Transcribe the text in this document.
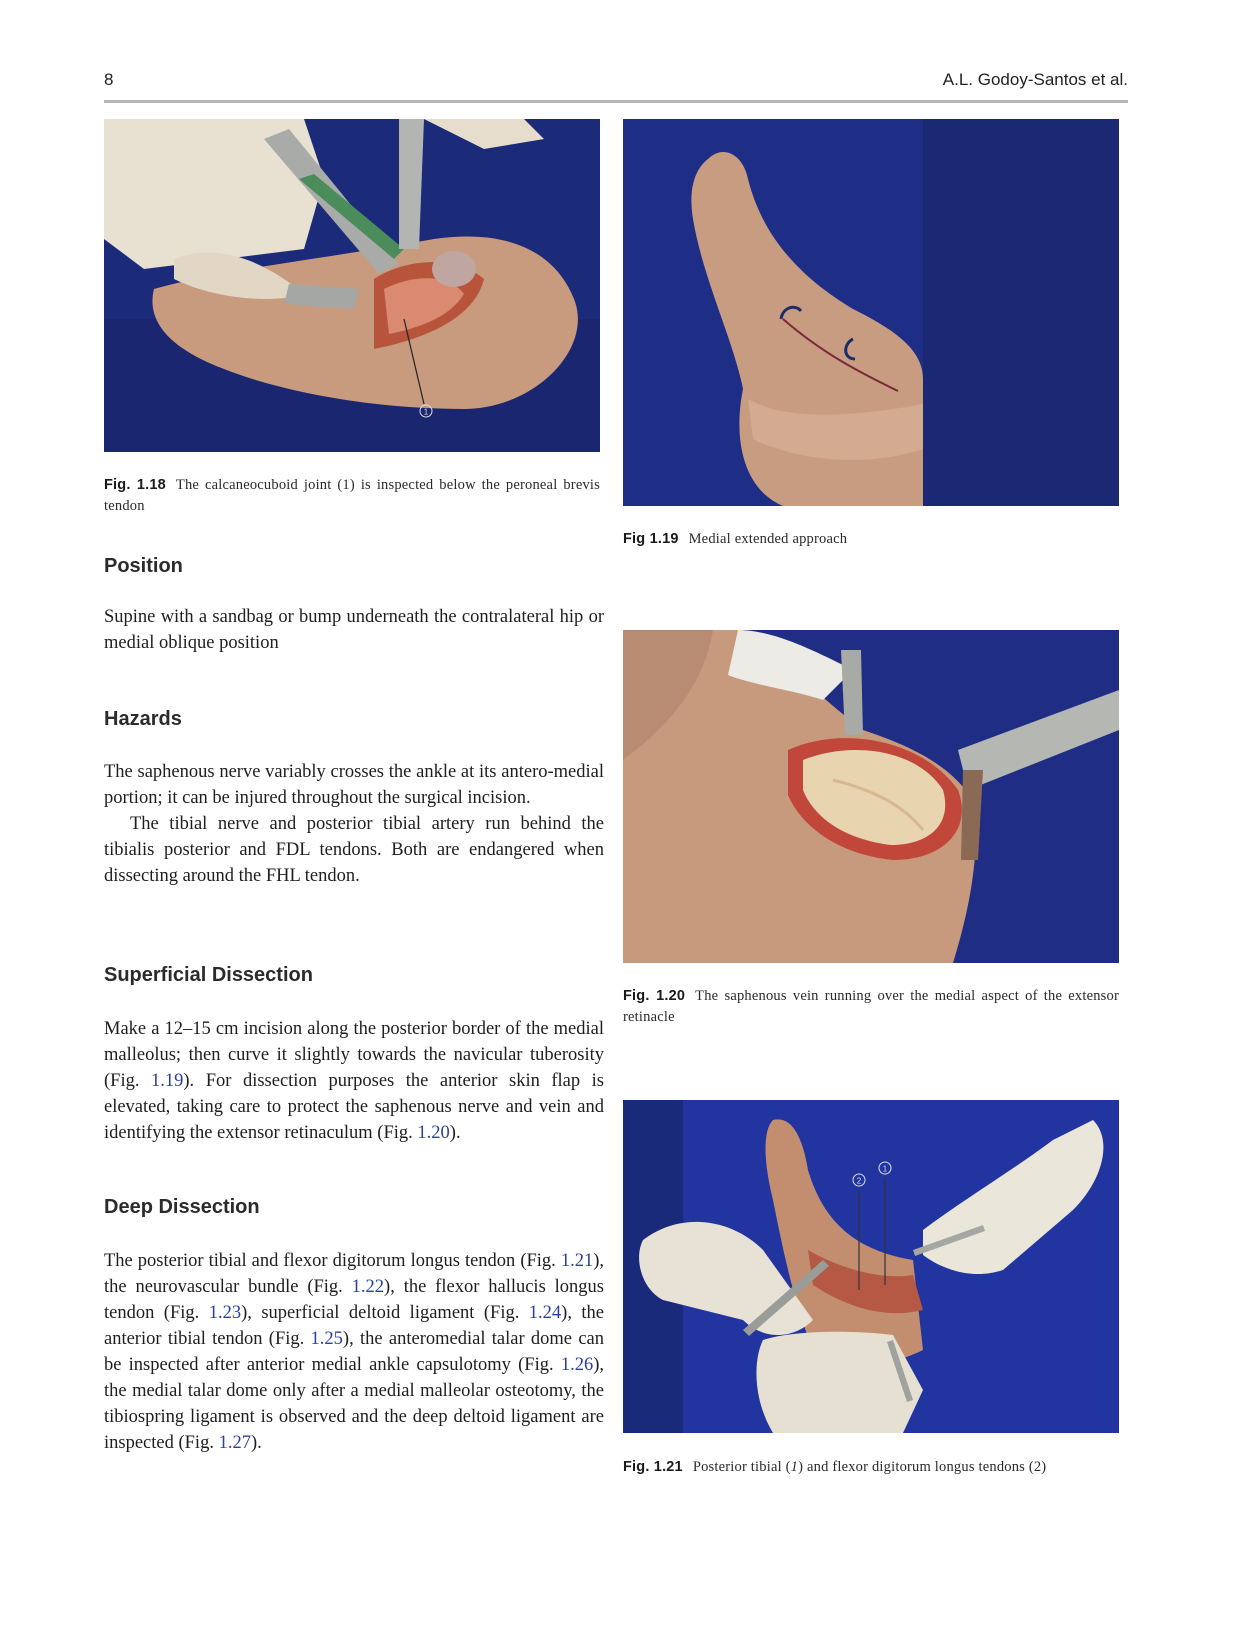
8	A.L. Godoy-Santos et al.
1
Fig. 1.18 The calcaneocuboid joint (1) is inspected below the peroneal brevis tendon
Fig 1.19 Medial extended approach
Position

Supine with a sandbag or bump underneath the contralateral hip or medial oblique position

Hazards

The saphenous nerve variably crosses the ankle at its antero-medial portion; it can be injured throughout the surgical incision.

The tibial nerve and posterior tibial artery run behind the tibialis posterior and FDL tendons. Both are endangered when dissecting around the FHL tendon.

Fig. 1.20 The saphenous vein running over the medial aspect of the extensor retinacle
Superficial Dissection

Make a 12–15 cm incision along the posterior border of the medial malleolus; then curve it slightly towards the navicular tuberosity (Fig. 1.19). For dissection purposes the anterior skin flap is elevated, taking care to protect the saphenous nerve and vein and identifying the extensor retinaculum (Fig. 1.20).

2
1
Fig. 1.21 Posterior tibial (1) and flexor digitorum longus tendons (2)
Deep Dissection

The posterior tibial and flexor digitorum longus tendon (Fig. 1.21), the neurovascular bundle (Fig. 1.22), the flexor hallucis longus tendon (Fig. 1.23), superficial deltoid ligament (Fig. 1.24), the anterior tibial tendon (Fig. 1.25), the anteromedial talar dome can be inspected after anterior medial ankle capsulotomy (Fig. 1.26), the medial talar dome only after a medial malleolar osteotomy, the tibiospring ligament is observed and the deep deltoid ligament are inspected (Fig. 1.27).
